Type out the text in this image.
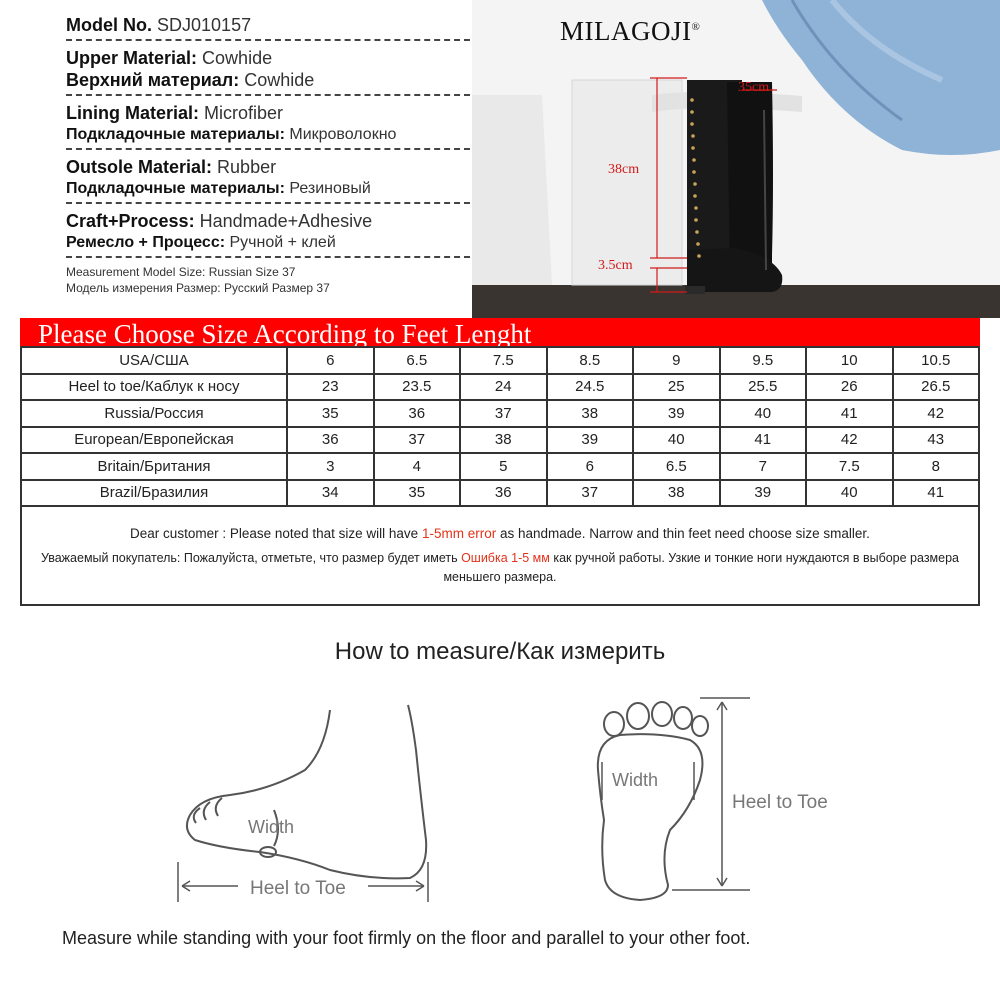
Model No. SDJ010157
Upper Material: Cowhide
Верхний материал: Cowhide
Lining Material: Microfiber
Подкладочные материалы: Микроволокно
Outsole Material: Rubber
Подкладочные материалы: Резиновый
Craft+Process: Handmade+Adhesive
Ремесло + Процесс: Ручной + клей
Measurement Model Size: Russian Size 37
Модель измерения Размер: Русский Размер 37
MILAGOJI®
35cm
38cm
3.5cm
Please Choose Size According to Feet Lenght
USA/США	6	6.5	7.5	8.5	9	9.5	10	10.5
Heel to toe/Каблук к носу	23	23.5	24	24.5	25	25.5	26	26.5
Russia/Россия	35	36	37	38	39	40	41	42
European/Европейская	36	37	38	39	40	41	42	43
Britain/Британия	3	4	5	6	6.5	7	7.5	8
Brazil/Бразилия	34	35	36	37	38	39	40	41
Dear customer : Please noted that size will have 1-5mm error as handmade. Narrow and thin feet need choose size smaller.
Уважаемый покупатель: Пожалуйста, отметьте, что размер будет иметь Ошибка 1-5 мм как ручной работы. Узкие и тонкие ноги нуждаются в выборе размера меньшего размера.
How to measure/Как измерить
Width
Heel to Toe
Width
Heel to Toe
Measure while standing with your foot firmly on the floor and parallel to your other foot.
